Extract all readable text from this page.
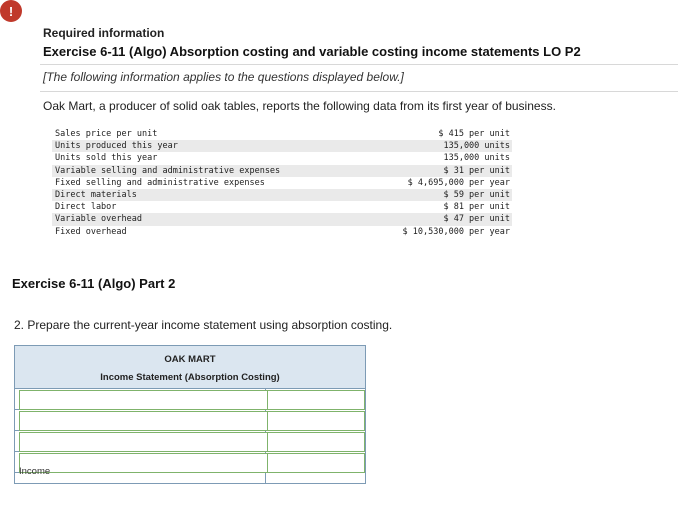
!
Required information
Exercise 6-11 (Algo) Absorption costing and variable costing income statements LO P2
[The following information applies to the questions displayed below.]
Oak Mart, a producer of solid oak tables, reports the following data from its first year of business.
Sales price per unit	$ 415 per unit
Units produced this year	135,000 units
Units sold this year	135,000 units
Variable selling and administrative expenses	$ 31 per unit
Fixed selling and administrative expenses	$ 4,695,000 per year
Direct materials	$ 59 per unit
Direct labor	$ 81 per unit
Variable overhead	$ 47 per unit
Fixed overhead	$ 10,530,000 per year
Exercise 6-11 (Algo) Part 2
2. Prepare the current-year income statement using absorption costing.
OAK MART
Income Statement (Absorption Costing)
Income
